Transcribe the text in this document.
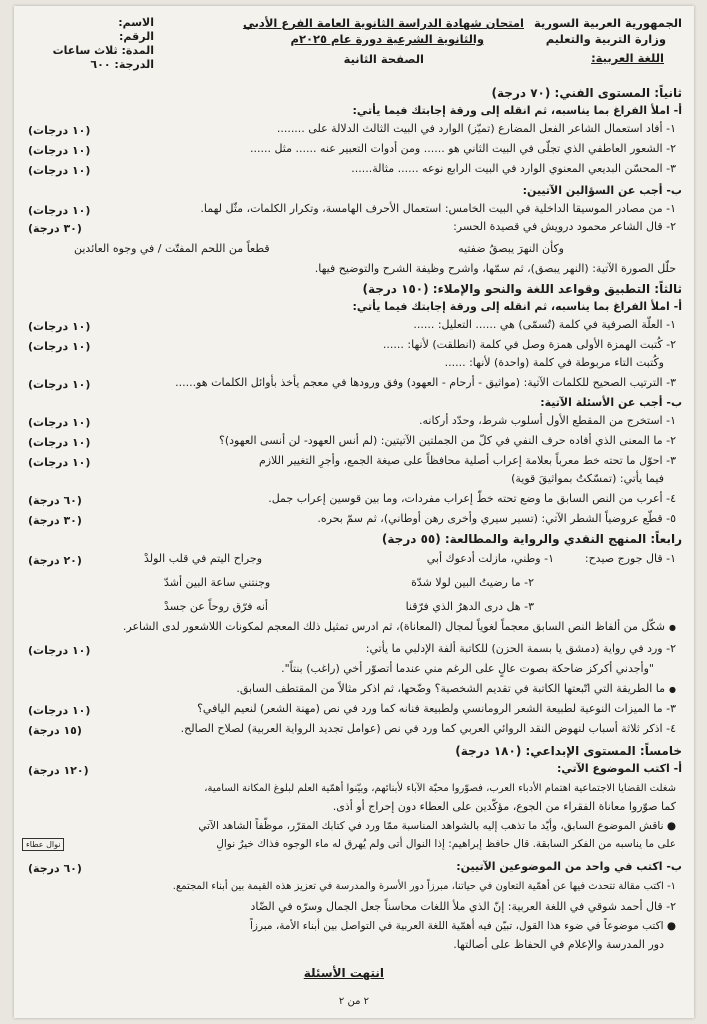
الجمهورية العربية السورية
وزارة التربية والتعليم
اللغة العربية:
امتحان شهادة الدراسة الثانوية العامة الفرع الأدبي
والثانوية الشرعية دورة عام ٢٠٢٥م
الصفحة الثانية
الاسم:
الرقم:
المدة: ثلاث ساعات
الدرجة: ٦٠٠
ثانياً: المستوى الفني: (٧٠ درجة)
أ- املأ الفراغ بما يناسبه، ثم انقله إلى ورقة إجابتك فيما يأتي:
١- أفاد استعمال الشاعر الفعل المضارع (تميّز) الوارد في البيت الثالث الدلالة على ........
(١٠ درجات)
٢- الشعور العاطفي الذي تجلّى في البيت الثاني هو ...... ومن أدوات التعبير عنه ...... مثل ......
(١٠ درجات)
٣- المحسّن البديعي المعنوي الوارد في البيت الرابع نوعه ...... مثالة......
(١٠ درجات)
ب- أجب عن السؤالين الآتيين:
١- من مصادر الموسيقا الداخلية في البيت الخامس: استعمال الأحرف الهامسة، وتكرار الكلمات، مثّل لهما.
(١٠ درجات)
٢- قال الشاعر محمود درويش في قصيدة الحسر:
(٣٠ درجة)
وكأن النهرَ يبصقُ ضفتيه
قطعاً من اللحم المفتّت / في وجوه العائدين
حلّل الصورة الآتية: (النهر يبصق)، ثم سمّها، واشرح وظيفة الشرح والتوضيح فيها.
ثالثاً: التطبيق وقواعد اللغة والنحو والإملاء: (١٥٠ درجة)
أ- املأ الفراغ بما يناسبه، ثم انقله إلى ورقة إجابتك فيما يأتي:
١- العلّة الصرفية في كلمة (تُسمّى) هي ...... التعليل: ......
(١٠ درجات)
٢- كُتبت الهمزة الأولى همزة وصل في كلمة (انطلقت) لأنها: ......
(١٠ درجات)
وكُتبت التاء مربوطة في كلمة (واحدة) لأنها: ......
٣- الترتيب الصحيح للكلمات الآتية: (مواثيق - أرحام - العهود) وفق ورودها في معجم يأخذ بأوائل الكلمات هو......
(١٠ درجات)
ب- أجب عن الأسئلة الآتية:
١- استخرج من المقطع الأول أسلوب شرط، وحدّد أركانه.
(١٠ درجات)
٢- ما المعنى الذي أفاده حرف النفي في كلّ من الجملتين الآتيتين: (لم أنس العهود- لن أنسى العهود)؟
(١٠ درجات)
٣- احوّل ما تحته خط معرباً بعلامة إعراب أصلية محافظاً على صيغة الجمع، وأجرِ التغيير اللازم
(١٠ درجات)
فيما يأتي: (تمسّكتُ بمواثيقَ قوية)
٤- أعرب من النص السابق ما وضع تحته خطّ إعراب مفردات، وما بين قوسين إعراب جمل.
(٦٠ درجة)
٥- قطّع عروضياً الشطر الآتي: (تسير سيري وأخرى رهن أوطاني)، ثم سمّ بحره.
(٣٠ درجة)
رابعاً: المنهج النقدي والرواية والمطالعة: (٥٥ درجة)
١- قال جورج صيدح:
(٢٠ درجة)	١- وطني، مازلت أدعوك أبي
وجراح اليتم في قلب الولدْ
٢- ما رضيتُ البين لولا شدّة
وجنتني ساعة البين أشدّ
٣- هل درى الدهرُ الذي فرّقنا
أنه فرّق روحاً عن جسدْ
● شكّل من ألفاظ النص السابق معجماً لغوياً لمجال (المعاناة)، ثم ادرس تمثيل ذلك المعجم لمكونات اللاشعور لدى الشاعر.
٢- ورد في رواية (دمشق يا بسمة الحزن) للكاتبة ألفة الإدلبي ما يأتي:
(١٠ درجات)
"وأجدني أكركز ضاحكة بصوت عالٍ على الرغم مني عندما أتصوّر أخي (راغب) بنتاً".
● ما الطريقة التي اتّبعتها الكاتبة في تقديم الشخصية؟ وضّحها، ثم اذكر مثالاً من المقتطف السابق.
٣- ما الميزات النوعية لطبيعة الشعر الرومانسي ولطبيعة فنانه كما ورد في نص (مهنة الشعر) لنعيم اليافي؟
(١٠ درجات)
٤- اذكر ثلاثة أسباب لنهوض النقد الروائي العربي كما ورد في نص (عوامل تجديد الرواية العربية) لصلاح الصالح.
(١٥ درجة)
خامساً: المستوى الإبداعي: (١٨٠ درجة)
أ- اكتب الموضوع الآتي:
(١٢٠ درجة)
شغلت القضايا الاجتماعية اهتمام الأدباء العرب، فصوّروا محبّة الآباء لأبنائهم، وبيّنوا أهمّية العلم لبلوغ المكانة السامية،
كما صوّروا معاناة الفقراء من الجوع، مؤكّدين على العطاء دون إحراج أو أذى.
● ناقش الموضوع السابق، وأيّد ما تذهب إليه بالشواهد المناسبة ممّا ورد في كتابك المقرّر، موظّفاً الشاهد الآتي
على ما يناسبه من الفكر السابقة. قال حافظ إبراهيم: إذا النوال أتى ولم يُهرق له ماء الوجوه فذاك خيرُ نوالِ
نوال عطاء
ب- اكتب في واحد من الموضوعين الآتيين:
(٦٠ درجة)
١- اكتب مقالة تتحدث فيها عن أهمّية التعاون في حياتنا، مبرزاً دور الأسرة والمدرسة في تعزيز هذه القيمة بين أبناء المجتمع.
٢- قال أحمد شوقي في اللغة العربية: إنّ الذي ملأ اللغات محاسناً جعل الجمال وسرّه في الضّاد
● اكتب موضوعاً في ضوء هذا القول، تبيّن فيه أهمّية اللغة العربية في التواصل بين أبناء الأمة، مبرزاً
دور المدرسة والإعلام في الحفاظ على أصالتها.
انتهت الأسئلة
٢ من ٢
